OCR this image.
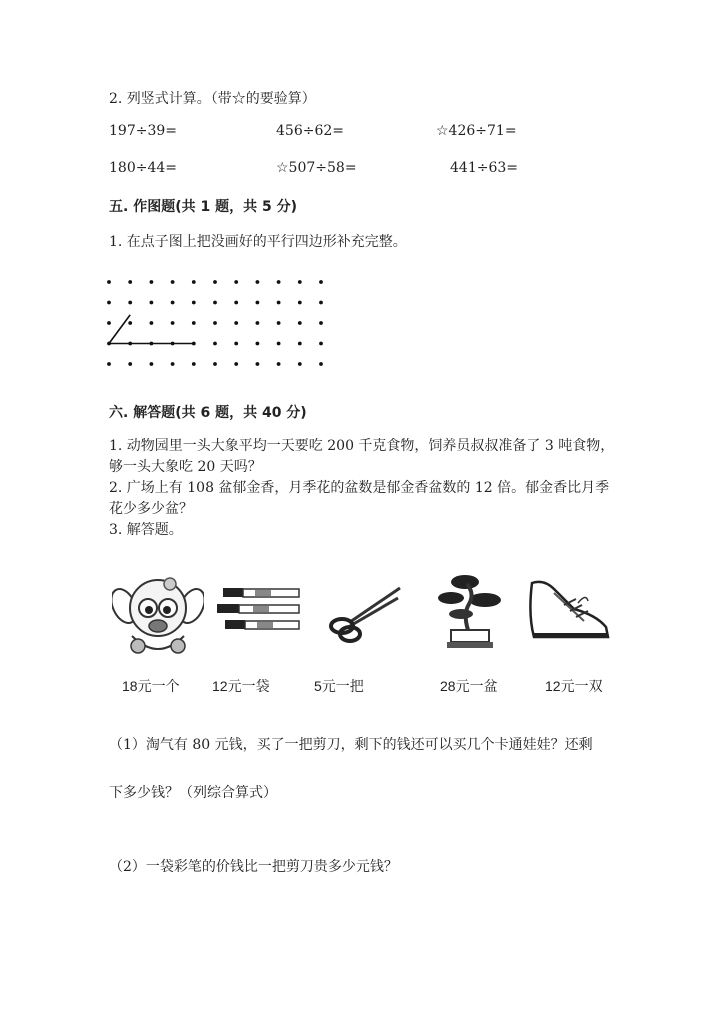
2. 列竖式计算。（带☆的要验算）
197÷39=	456÷62=	☆426÷71=
180÷44=	☆507÷58=	441÷63=
五. 作图题(共 1 题，共 5 分)
1. 在点子图上把没画好的平行四边形补充完整。
六. 解答题(共 6 题，共 40 分)
1. 动物园里一头大象平均一天要吃 200 千克食物，饲养员叔叔准备了 3 吨食物，够一头大象吃 20 天吗？
2. 广场上有 108 盆郁金香，月季花的盆数是郁金香盆数的 12 倍。郁金香比月季花少多少盆？
3. 解答题。
18元一个 12元一袋	5元一把	28元一盆	12元一双
（1）淘气有 80 元钱，买了一把剪刀，剩下的钱还可以买几个卡通娃娃？还剩
下多少钱？（列综合算式）
（2）一袋彩笔的价钱比一把剪刀贵多少元钱？
